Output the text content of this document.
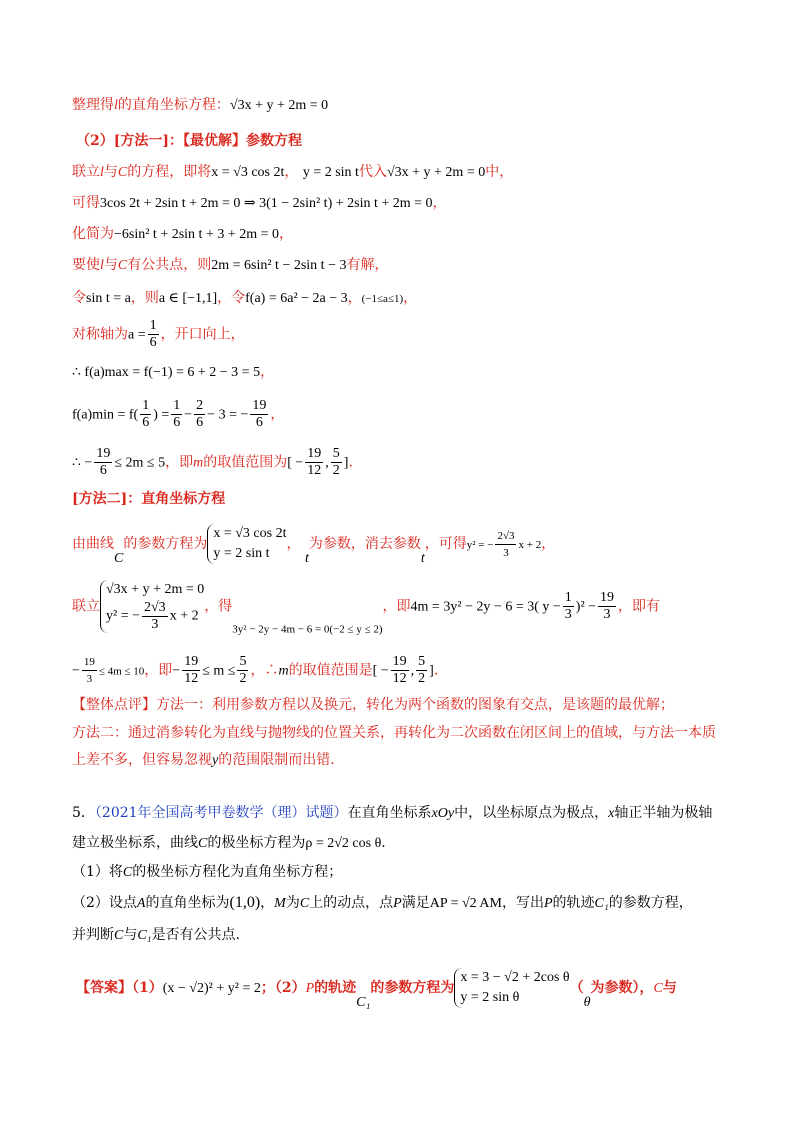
整理得l的直角坐标方程：√3x + y + 2m = 0
（2）[方法一]：【最优解】参数方程
联立l与C的方程，即将x = √3 cos 2t， y = 2 sin t代入√3x + y + 2m = 0中，
可得3cos 2t + 2sin t + 2m = 0 ⇒ 3(1 − 2sin² t) + 2sin t + 2m = 0，
化简为−6sin² t + 2sin t + 3 + 2m = 0，
要使l与C有公共点，则2m = 6sin² t − 2sin t − 3有解，
令sin t = a，则a ∈ [−1,1]，令f(a) = 6a² − 2a − 3，(−1≤a≤1)，
对称轴为$a = \frac{1}{6}$ ，开口向上，
∴ f(a)max = f(−1) = 6 + 2 − 3 = 5，
$f(a)\min = f( \frac{1}{6}$ ) = $\frac{1}{6} - \frac{2}{6} - 3$ = − $\frac{19}{6}$ ，
∴ − $\frac{19}{6} \le 2m \le 5$，即m的取值范围为[ − $\frac{19}{12}$ , $\frac{5}{2}$ ].
[方法二]：直角坐标方程
由曲线C的参数方程为
x = √3 cos 2t
y = 2 sin t
， t为参数，消去参数t，可得y² = − $\frac{2√3}{3}$ x + 2，
联立
√3x + y + 2m = 0
y² = − $\frac{2√3}{3}$ x + 2
，得$_{3y^2 - 2y - 4m - 6 = 0(-2 \le y \le 2)}$，即4m = 3y² − 2y − 6 = 3( $y - \frac{1}{3} )^2 - \frac{19}{3}$ ，即有
− $\frac{19}{3} \le 4m \le 10$，即− $\frac{19}{12} \le m \le \frac{5}{2}$ ，∴m的取值范围是[ − $\frac{19}{12}$ , $\frac{5}{2}$ ].
【整体点评】方法一：利用参数方程以及换元，转化为两个函数的图象有交点，是该题的最优解；
方法二：通过消参转化为直线与抛物线的位置关系，再转化为二次函数在闭区间上的值域，与方法一本质
上差不多，但容易忽视y的范围限制而出错.
5．（2021年全国高考甲卷数学（理）试题）在直角坐标系xOy中，以坐标原点为极点，x轴正半轴为极轴
建立极坐标系，曲线C的极坐标方程为ρ = 2√2 cos θ.
（1）将C的极坐标方程化为直角坐标方程；
（2）设点A的直角坐标为(1,0)，M为C上的动点，点P满足AP = √2 AM，写出P的轨迹C₁的参数方程，
并判断C与C₁是否有公共点.
【答案】（1）(x − √2)² + y² = 2；（2）P的轨迹C₁的参数方程为
x = 3 − √2 + 2cos θ
y = 2 sin θ
（θ为参数），C与
